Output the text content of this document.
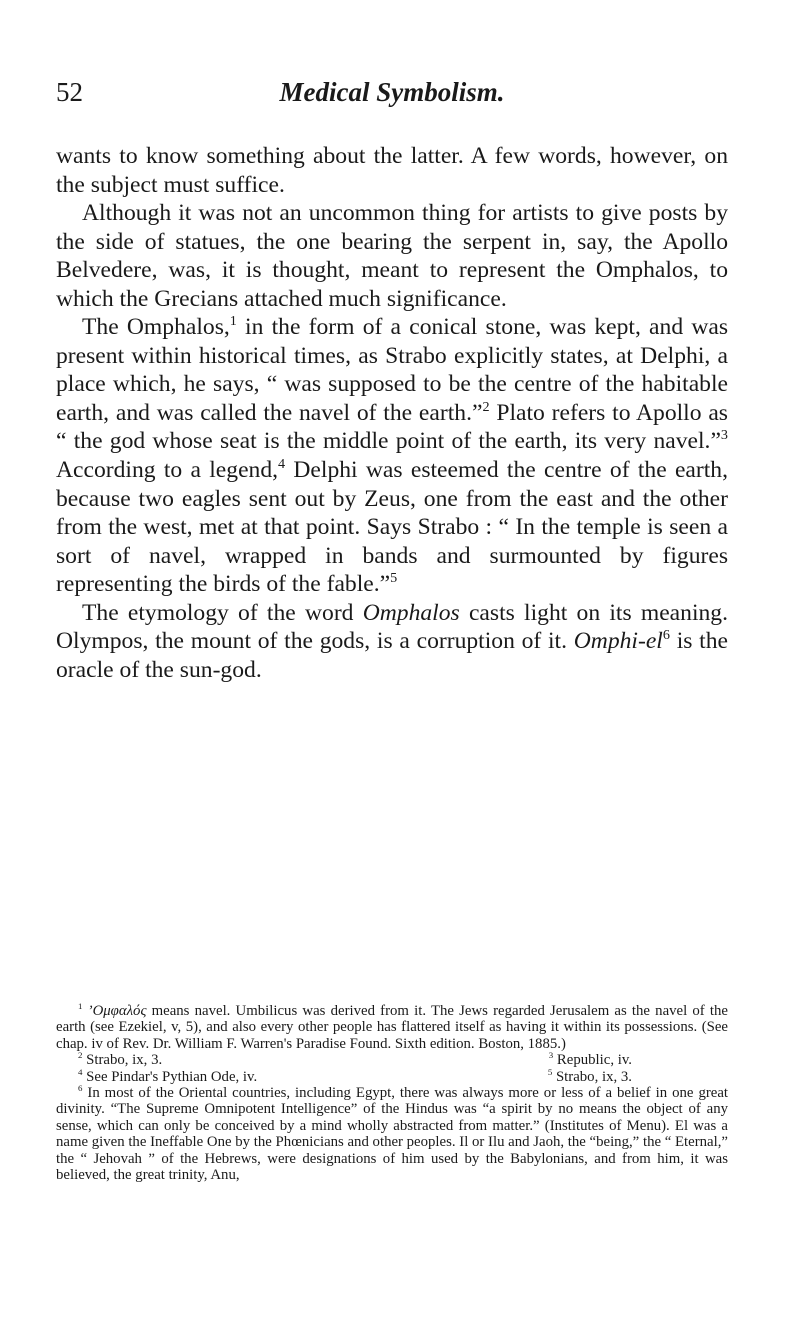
52	Medical Symbolism.

wants to know something about the latter. A few words, however, on the subject must suffice.

Although it was not an uncommon thing for artists to give posts by the side of statues, the one bearing the serpent in, say, the Apollo Belvedere, was, it is thought, meant to represent the Omphalos, to which the Grecians attached much significance.

The Omphalos,$^1$ in the form of a conical stone, was kept, and was present within historical times, as Strabo explicitly states, at Delphi, a place which, he says, “ was supposed to be the centre of the habitable earth, and was called the navel of the earth.”$^2$ Plato refers to Apollo as “ the god whose seat is the middle point of the earth, its very navel.”$^3$ According to a legend,$^4$ Delphi was esteemed the centre of the earth, because two eagles sent out by Zeus, one from the east and the other from the west, met at that point. Says Strabo : “ In the temple is seen a sort of navel, wrapped in bands and surmounted by figures representing the birds of the fable.”$^5$

The etymology of the word Omphalos casts light on its meaning. Olympos, the mount of the gods, is a corruption of it. Omphi-$el^6$ is the oracle of the sun-god.

$^1$ ’Ομφαλός means navel. Umbilicus was derived from it. The Jews regarded Jerusalem as the navel of the earth (see Ezekiel, v, 5), and also every other people has flattered itself as having it within its possessions. (See chap. iv of Rev. Dr. William F. Warren's Paradise Found. Sixth edition. Boston, 1885.)

$^2$ Strabo, ix, 3.	$^3$ Republic, iv.
$^4$ See Pindar's Pythian Ode, iv.	$^5$ Strabo, ix, 3.

$^6$ In most of the Oriental countries, including Egypt, there was always more or less of a belief in one great divinity. “The Supreme Omnipotent Intelligence” of the Hindus was “a spirit by no means the object of any sense, which can only be conceived by a mind wholly abstracted from matter.” (Institutes of Menu). El was a name given the Ineffable One by the Phœnicians and other peoples. Il or Ilu and Jaoh, the “being,” the “ Eternal,” the “ Jehovah ” of the Hebrews, were designations of him used by the Babylonians, and from him, it was believed, the great trinity, Anu,
